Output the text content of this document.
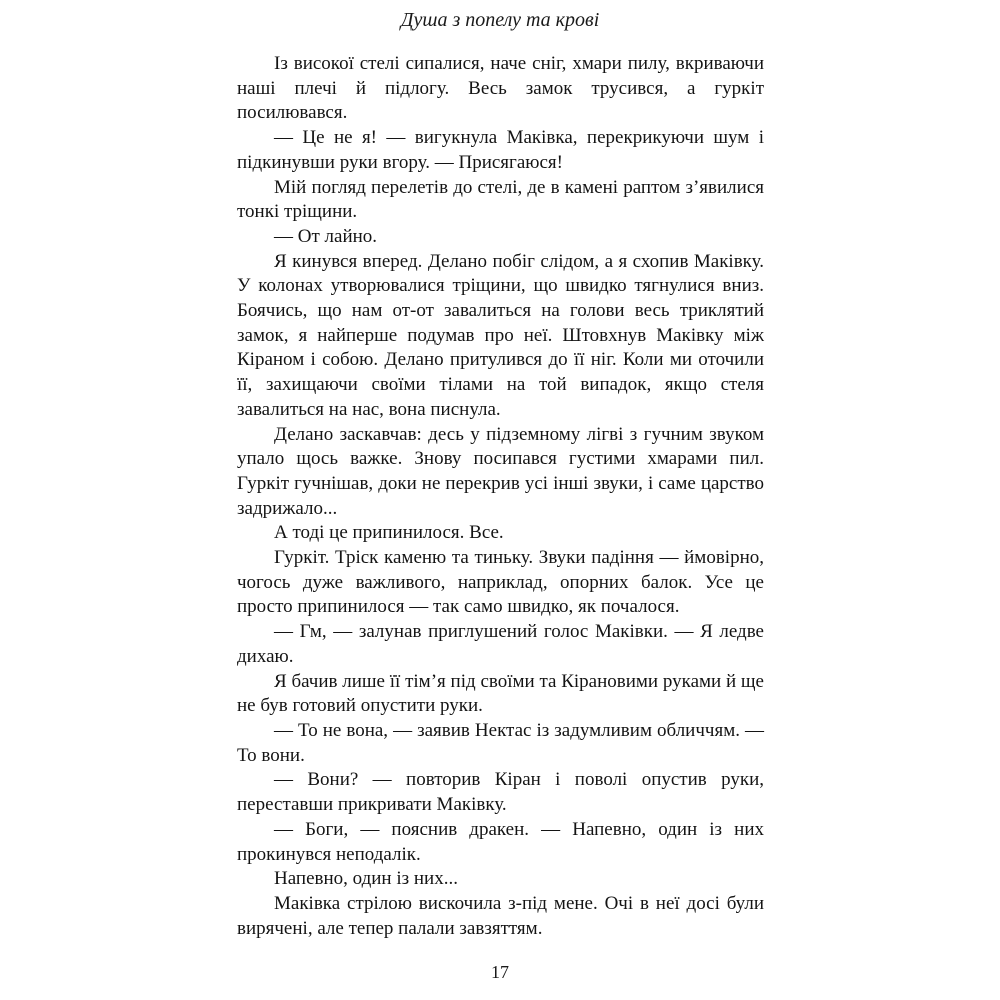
Душа з попелу та крові

Із високої стелі сипалися, наче сніг, хмари пилу, вкриваючи наші плечі й підлогу. Весь замок трусився, а гуркіт посилювався.

— Це не я! — вигукнула Маківка, перекрикуючи шум і підкинувши руки вгору. — Присягаюся!

Мій погляд перелетів до стелі, де в камені раптом з’явилися тонкі тріщини.

— От лайно.

Я кинувся вперед. Делано побіг слідом, а я схопив Маківку. У колонах утворювалися тріщини, що швидко тягнулися вниз. Боячись, що нам от-от завалиться на голови весь триклятий замок, я найперше подумав про неї. Штовхнув Маківку між Кіраном і собою. Делано притулився до її ніг. Коли ми оточили її, захищаючи своїми тілами на той випадок, якщо стеля завалиться на нас, вона писнула.

Делано заскавчав: десь у підземному лігві з гучним звуком упало щось важке. Знову посипався густими хмарами пил. Гуркіт гучнішав, доки не перекрив усі інші звуки, і саме царство задрижало...

А тоді це припинилося. Все.

Гуркіт. Тріск каменю та тиньку. Звуки падіння — ймовірно, чогось дуже важливого, наприклад, опорних балок. Усе це просто припинилося — так само швидко, як почалося.

— Гм, — залунав приглушений голос Маківки. — Я ледве дихаю.

Я бачив лише її тім’я під своїми та Кірановими руками й ще не був готовий опустити руки.

— То не вона, — заявив Нектас із задумливим обличчям. — То вони.

— Вони? — повторив Кіран і поволі опустив руки, переставши прикривати Маківку.

— Боги, — пояснив дракен. — Напевно, один із них прокинувся неподалік.

Напевно, один із них...

Маківка стрілою вискочила з-під мене. Очі в неї досі були вирячені, але тепер палали завзяттям.

17
